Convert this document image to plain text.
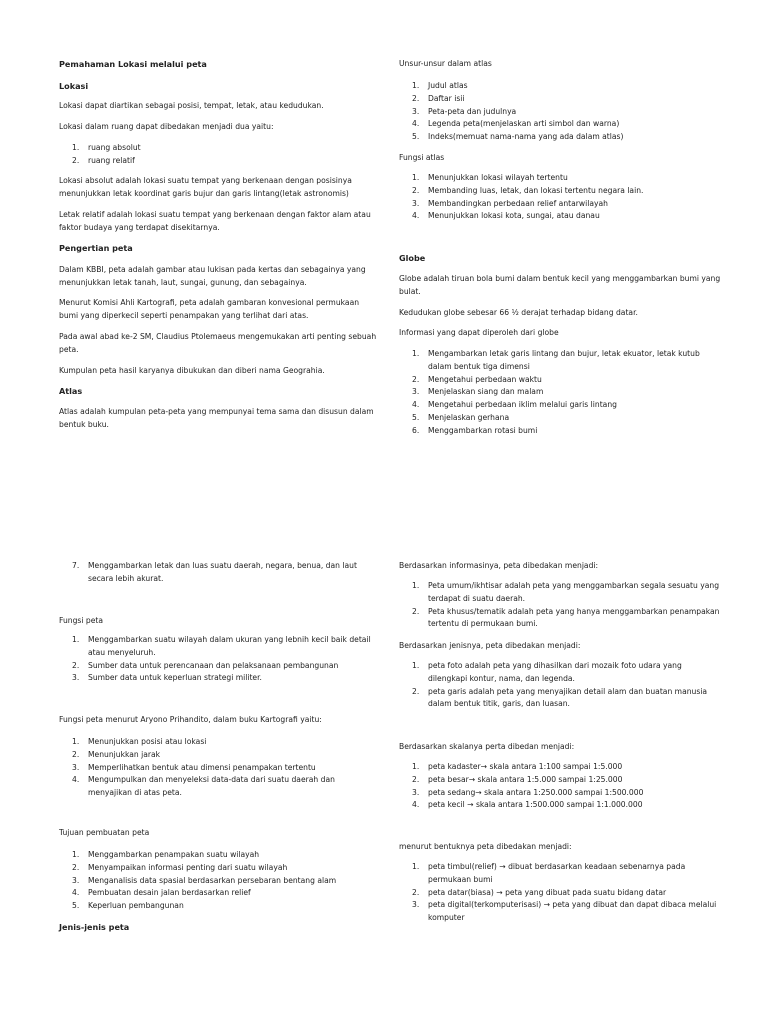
Pemahaman Lokasi melalui peta

Lokasi

Lokasi dapat diartikan sebagai posisi, tempat, letak, atau kedudukan.

Lokasi dalam ruang dapat dibedakan menjadi dua yaitu:

1. ruang absolut
2. ruang relatif

Lokasi absolut adalah lokasi suatu tempat yang berkenaan dengan posisinya
menunjukkan letak koordinat garis bujur dan garis lintang(letak astronomis)

Letak relatif adalah lokasi suatu tempat yang berkenaan dengan faktor alam atau
faktor budaya yang terdapat disekitarnya.

Pengertian peta

Dalam KBBI, peta adalah gambar atau lukisan pada kertas dan sebagainya yang
menunjukkan letak tanah, laut, sungai, gunung, dan sebagainya.

Menurut Komisi Ahli Kartografi, peta adalah gambaran konvesional permukaan
bumi yang diperkecil seperti penampakan yang terlihat dari atas.

Pada awal abad ke-2 SM, Claudius Ptolemaeus mengemukakan arti penting sebuah
peta.

Kumpulan peta hasil karyanya dibukukan dan diberi nama Geograhia.

Atlas

Atlas adalah kumpulan peta-peta yang mempunyai tema sama dan disusun dalam
bentuk buku.

Unsur-unsur dalam atlas

1. Judul atlas
2. Daftar isii
3. Peta-peta dan judulnya
4. Legenda peta(menjelaskan arti simbol dan warna)
5. Indeks(memuat nama-nama yang ada dalam atlas)

Fungsi atlas

1. Menunjukkan lokasi wilayah tertentu
2. Membanding luas, letak, dan lokasi tertentu negara lain.
3. Membandingkan perbedaan relief antarwilayah
4. Menunjukkan lokasi kota, sungai, atau danau

Globe

Globe adalah tiruan bola bumi dalam bentuk kecil yang menggambarkan bumi yang
bulat.

Kedudukan globe sebesar 66 ½ derajat terhadap bidang datar.

Informasi yang dapat diperoleh dari globe

1. Mengambarkan letak garis lintang dan bujur, letak ekuator, letak kutub
dalam bentuk tiga dimensi
2. Mengetahui perbedaan waktu
3. Menjelaskan siang dan malam
4. Mengetahui perbedaan iklim melalui garis lintang
5. Menjelaskan gerhana
6. Menggambarkan rotasi bumi
7. Menggambarkan letak dan luas suatu daerah, negara, benua, dan laut
secara lebih akurat.

Fungsi peta

1. Menggambarkan suatu wilayah dalam ukuran yang lebnih kecil baik detail
atau menyeluruh.
2. Sumber data untuk perencanaan dan pelaksanaan pembangunan
3. Sumber data untuk keperluan strategi militer.

Fungsi peta menurut Aryono Prihandito, dalam buku Kartografi yaitu:

1. Menunjukkan posisi atau lokasi
2. Menunjukkan jarak
3. Memperlihatkan bentuk atau dimensi penampakan tertentu
4. Mengumpulkan dan menyeleksi data-data dari suatu daerah dan
menyajikan di atas peta.

Tujuan pembuatan peta

1. Menggambarkan penampakan suatu wilayah
2. Menyampaikan informasi penting dari suatu wilayah
3. Menganalisis data spasial berdasarkan persebaran bentang alam
4. Pembuatan desain jalan berdasarkan relief
5. Keperluan pembangunan

Jenis-jenis peta

Berdasarkan informasinya, peta dibedakan menjadi:

1. Peta umum/ikhtisar adalah peta yang menggambarkan segala sesuatu yang
terdapat di suatu daerah.
2. Peta khusus/tematik adalah peta yang hanya menggambarkan penampakan
tertentu di permukaan bumi.

Berdasarkan jenisnya, peta dibedakan menjadi:

1. peta foto adalah peta yang dihasilkan dari mozaik foto udara yang
dilengkapi kontur, nama, dan legenda.
2. peta garis adalah peta yang menyajikan detail alam dan buatan manusia
dalam bentuk titik, garis, dan luasan.

Berdasarkan skalanya perta dibedan menjadi:

1. peta kadaster→ skala antara 1:100 sampai 1:5.000
2. peta besar→ skala antara 1:5.000 sampai 1:25.000
3. peta sedang→ skala antara 1:250.000 sampai 1:500.000
4. peta kecil → skala antara 1:500.000 sampai 1:1.000.000

menurut bentuknya peta dibedakan menjadi:

1. peta timbul(relief) → dibuat berdasarkan keadaan sebenarnya pada
permukaan bumi
2. peta datar(biasa) → peta yang dibuat pada suatu bidang datar
3. peta digital(terkomputerisasi) → peta yang dibuat dan dapat dibaca melalui
komputer
